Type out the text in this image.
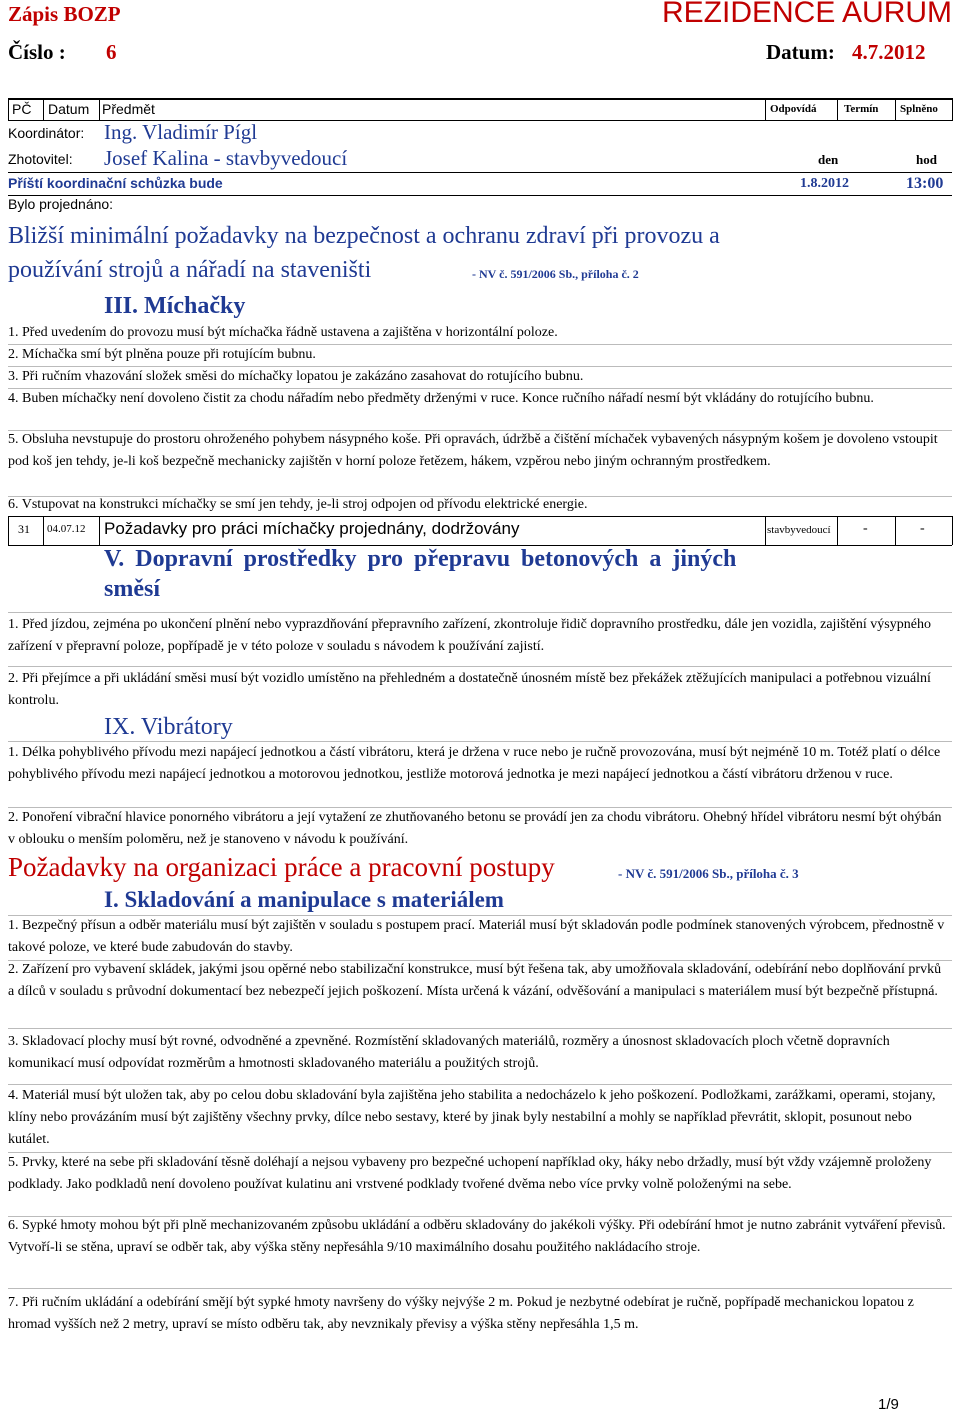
Zápis BOZP	REZIDENCE AURUM
Číslo : 6	Datum: 4.7.2012
PČ Datum Předmět	Odpovídá	Termín Splněno
Koordinátor: Ing. Vladimír Pígl
Zhotovitel: Josef Kalina - stavbyvedoucí	den	hod
Příští koordinační schůzka bude	1.8.2012	13:00
Bylo projednáno:
Bližší minimální požadavky na bezpečnost a ochranu zdraví při provozu a
používání strojů a nářadí na staveništi	- NV č. 591/2006 Sb., příloha č. 2
III. Míchačky
1. Před uvedením do provozu musí být míchačka řádně ustavena a zajištěna v horizontální poloze.
2. Míchačka smí být plněna pouze při rotujícím bubnu.
3. Při ručním vhazování složek směsi do míchačky lopatou je zakázáno zasahovat do rotujícího bubnu.
4. Buben míchačky není dovoleno čistit za chodu nářadím nebo předměty drženými v ruce. Konce ručního nářadí nesmí být vkládány do rotujícího bubnu.
5. Obsluha nevstupuje do prostoru ohroženého pohybem násypného koše. Při opravách, údržbě a čištění míchaček vybavených násypným košem je dovoleno vstoupit pod koš jen tehdy, je-li koš bezpečně mechanicky zajištěn v horní poloze řetězem, hákem, vzpěrou nebo jiným ochranným prostředkem.
6. Vstupovat na konstrukci míchačky se smí jen tehdy, je-li stroj odpojen od přívodu elektrické energie.
31 04.07.12 Požadavky pro práci míchačky projednány, dodržovány	stavbyvedoucí -	-
V. Dopravní prostředky pro přepravu betonových a jiných
směsí
1. Před jízdou, zejména po ukončení plnění nebo vyprazdňování přepravního zařízení, zkontroluje řidič dopravního prostředku, dále jen vozidla, zajištění výsypného zařízení v přepravní poloze, popřípadě je v této poloze v souladu s návodem k používání zajistí.
2. Při přejímce a při ukládání směsi musí být vozidlo umístěno na přehledném a dostatečně únosném místě bez překážek ztěžujících manipulaci a potřebnou vizuální kontrolu.
IX. Vibrátory
1. Délka pohyblivého přívodu mezi napájecí jednotkou a částí vibrátoru, která je držena v ruce nebo je ručně provozována, musí být nejméně 10 m. Totéž platí o délce pohyblivého přívodu mezi napájecí jednotkou a motorovou jednotkou, jestliže motorová jednotka je mezi napájecí jednotkou a částí vibrátoru drženou v ruce.
2. Ponoření vibrační hlavice ponorného vibrátoru a její vytažení ze zhutňovaného betonu se provádí jen za chodu vibrátoru. Ohebný hřídel vibrátoru nesmí být ohýbán v oblouku o menším poloměru, než je stanoveno v návodu k používání.
Požadavky na organizaci práce a pracovní postupy	- NV č. 591/2006 Sb., příloha č. 3
I. Skladování a manipulace s materiálem
1. Bezpečný přísun a odběr materiálu musí být zajištěn v souladu s postupem prací. Materiál musí být skladován podle podmínek stanovených výrobcem, přednostně v takové poloze, ve které bude zabudován do stavby.
2. Zařízení pro vybavení skládek, jakými jsou opěrné nebo stabilizační konstrukce, musí být řešena tak, aby umožňovala skladování, odebírání nebo doplňování prvků a dílců v souladu s průvodní dokumentací bez nebezpečí jejich poškození. Místa určená k vázání, odvěšování a manipulaci s materiálem musí být bezpečně přístupná.
3. Skladovací plochy musí být rovné, odvodněné a zpevněné. Rozmístění skladovaných materiálů, rozměry a únosnost skladovacích ploch včetně dopravních komunikací musí odpovídat rozměrům a hmotnosti skladovaného materiálu a použitých strojů.
4. Materiál musí být uložen tak, aby po celou dobu skladování byla zajištěna jeho stabilita a nedocházelo k jeho poškození. Podložkami, zarážkami, operami, stojany, klíny nebo provázáním musí být zajištěny všechny prvky, dílce nebo sestavy, které by jinak byly nestabilní a mohly se například převrátit, sklopit, posunout nebo kutálet.
5. Prvky, které na sebe při skladování těsně doléhají a nejsou vybaveny pro bezpečné uchopení například oky, háky nebo držadly, musí být vždy vzájemně proloženy podklady. Jako podkladů není dovoleno používat kulatinu ani vrstvené podklady tvořené dvěma nebo více prvky volně položenými na sebe.
6. Sypké hmoty mohou být při plně mechanizovaném způsobu ukládání a odběru skladovány do jakékoli výšky. Při odebírání hmot je nutno zabránit vytváření převisů. Vytvoří-li se stěna, upraví se odběr tak, aby výška stěny nepřesáhla 9/10 maximálního dosahu použitého nakládacího stroje.
7. Při ručním ukládání a odebírání smějí být sypké hmoty navršeny do výšky nejvýše 2 m. Pokud je nezbytné odebírat je ručně, popřípadě mechanickou lopatou z hromad vyšších než 2 metry, upraví se místo odběru tak, aby nevznikaly převisy a výška stěny nepřesáhla 1,5 m.
1/9
